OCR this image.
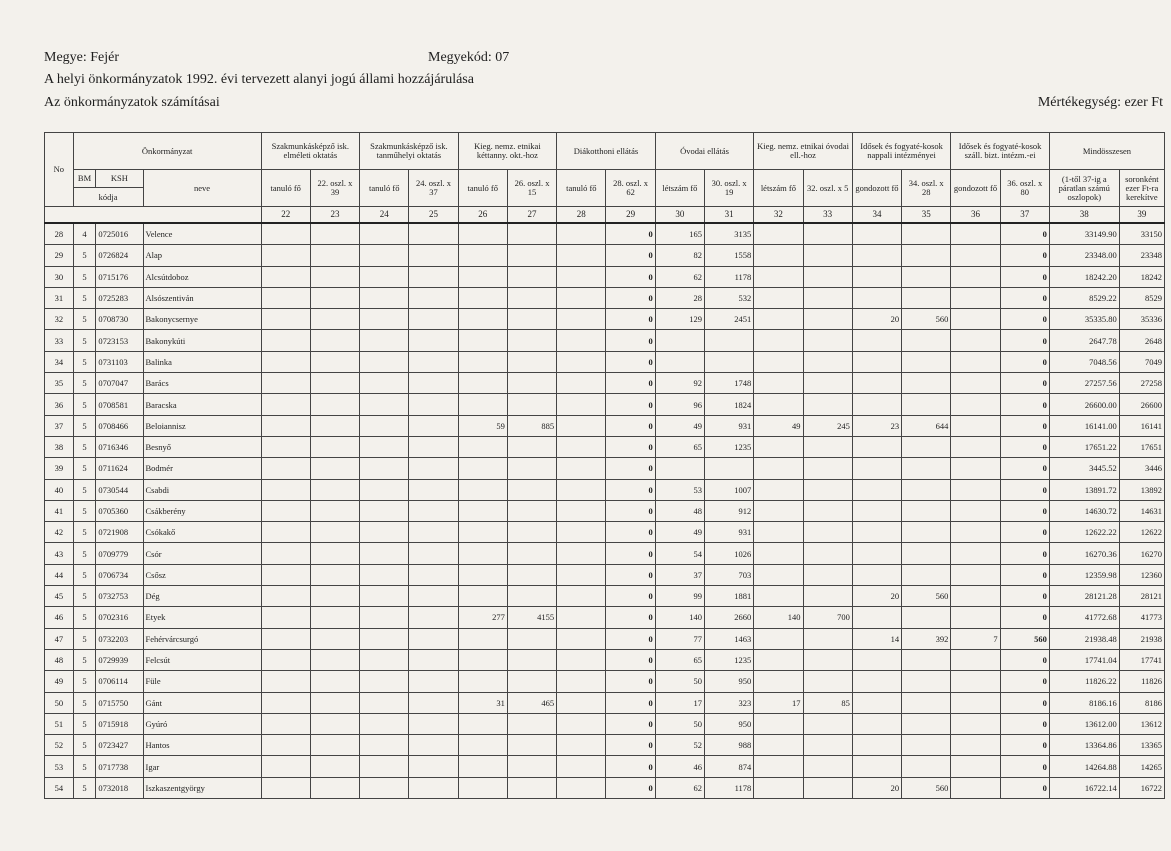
Megye: Fejér	Megyekód: 07
A helyi önkormányzatok 1992. évi tervezett alanyi jogú állami hozzájárulása
Az önkormányzatok számításai	Mértékegység: ezer Ft
No	Önkormányzat			Szakmunkásképző isk. elméleti oktatás		Szakmunkásképző isk. tanműhelyi oktatás		Kieg. nemz. etnikai kéttanny. okt.-hoz		Diákotthoni ellátás		Óvodai ellátás		Kieg. nemz. etnikai óvodai ell.-hoz		Idősek és fogyaté-kosok nappali intézményei		Idősek és fogyaté-kosok száll. bizt. intézm.-ei		Mindösszesen	
	BM	KSH	neve	tanuló fő	22. oszl. x 39	tanuló fő	24. oszl. x 37	tanuló fő	26. oszl. x 15	tanuló fő	28. oszl. x 62	létszám fő	30. oszl. x 19	létszám fő	32. oszl. x 5	gondozott fő	34. oszl. x 28	gondozott fő	36. oszl. x 80	(1-től 37-ig a páratlan számú oszlopok)	soronként ezer Ft-ra kerekítve
	kódja																				
				22	23	24	25	26	27	28	29	30	31	32	33	34	35	36	37	38	39
28	4	0725016	Velence								0	165	3135						0	33149.90	33150
29	5	0726824	Alap								0	82	1558						0	23348.00	23348
30	5	0715176	Alcsútdoboz								0	62	1178						0	18242.20	18242
31	5	0725283	Alsószentiván								0	28	532						0	8529.22	8529
32	5	0708730	Bakonycsernye								0	129	2451			20	560		0	35335.80	35336
33	5	0723153	Bakonykúti								0								0	2647.78	2648
34	5	0731103	Balinka								0								0	7048.56	7049
35	5	0707047	Barács								0	92	1748						0	27257.56	27258
36	5	0708581	Baracska								0	96	1824						0	26600.00	26600
37	5	0708466	Beloiannisz					59	885		0	49	931	49	245	23	644		0	16141.00	16141
38	5	0716346	Besnyő								0	65	1235						0	17651.22	17651
39	5	0711624	Bodmér								0								0	3445.52	3446
40	5	0730544	Csabdi								0	53	1007						0	13891.72	13892
41	5	0705360	Csákberény								0	48	912						0	14630.72	14631
42	5	0721908	Csókakő								0	49	931						0	12622.22	12622
43	5	0709779	Csór								0	54	1026						0	16270.36	16270
44	5	0706734	Csősz								0	37	703						0	12359.98	12360
45	5	0732753	Dég								0	99	1881			20	560		0	28121.28	28121
46	5	0702316	Etyek					277	4155		0	140	2660	140	700				0	41772.68	41773
47	5	0732203	Fehérvárcsurgó								0	77	1463			14	392	7	560	21938.48	21938
48	5	0729939	Felcsút								0	65	1235						0	17741.04	17741
49	5	0706114	Füle								0	50	950						0	11826.22	11826
50	5	0715750	Gánt					31	465		0	17	323	17	85				0	8186.16	8186
51	5	0715918	Gyúró								0	50	950						0	13612.00	13612
52	5	0723427	Hantos								0	52	988						0	13364.86	13365
53	5	0717738	Igar								0	46	874						0	14264.88	14265
54	5	0732018	Iszkaszentgyörgy								0	62	1178			20	560		0	16722.14	16722
